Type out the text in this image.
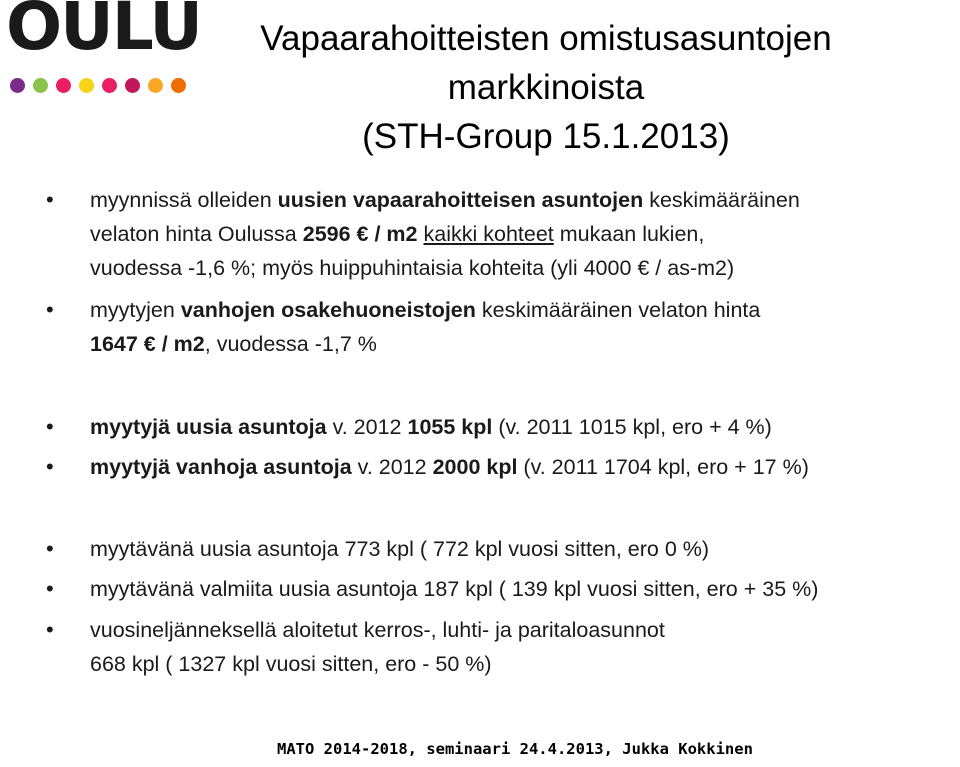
OULU	Vapaarahoitteisten omistusasuntojen
markkinoista
(STH-Group 15.1.2013)
• myynnissä olleiden uusien vapaarahoitteisen asuntojen keskimääräinen
velaton hinta Oulussa 2596 € / m2 kaikki kohteet mukaan lukien,
vuodessa -1,6 %; myös huippuhintaisia kohteita (yli 4000 € / as-m2)
• myytyjen vanhojen osakehuoneistojen keskimääräinen velaton hinta
1647 € / m2, vuodessa -1,7 %
• myytyjä uusia asuntoja v. 2012 1055 kpl (v. 2011 1015 kpl, ero + 4 %)
• myytyjä vanhoja asuntoja v. 2012 2000 kpl (v. 2011 1704 kpl, ero + 17 %)
• myytävänä uusia asuntoja 773 kpl ( 772 kpl vuosi sitten, ero 0 %)
• myytävänä valmiita uusia asuntoja 187 kpl ( 139 kpl vuosi sitten, ero + 35 %)
• vuosineljänneksellä aloitetut kerros-, luhti- ja paritaloasunnot
668 kpl ( 1327 kpl vuosi sitten, ero - 50 %)
MATO 2014-2018, seminaari 24.4.2013, Jukka Kokkinen
